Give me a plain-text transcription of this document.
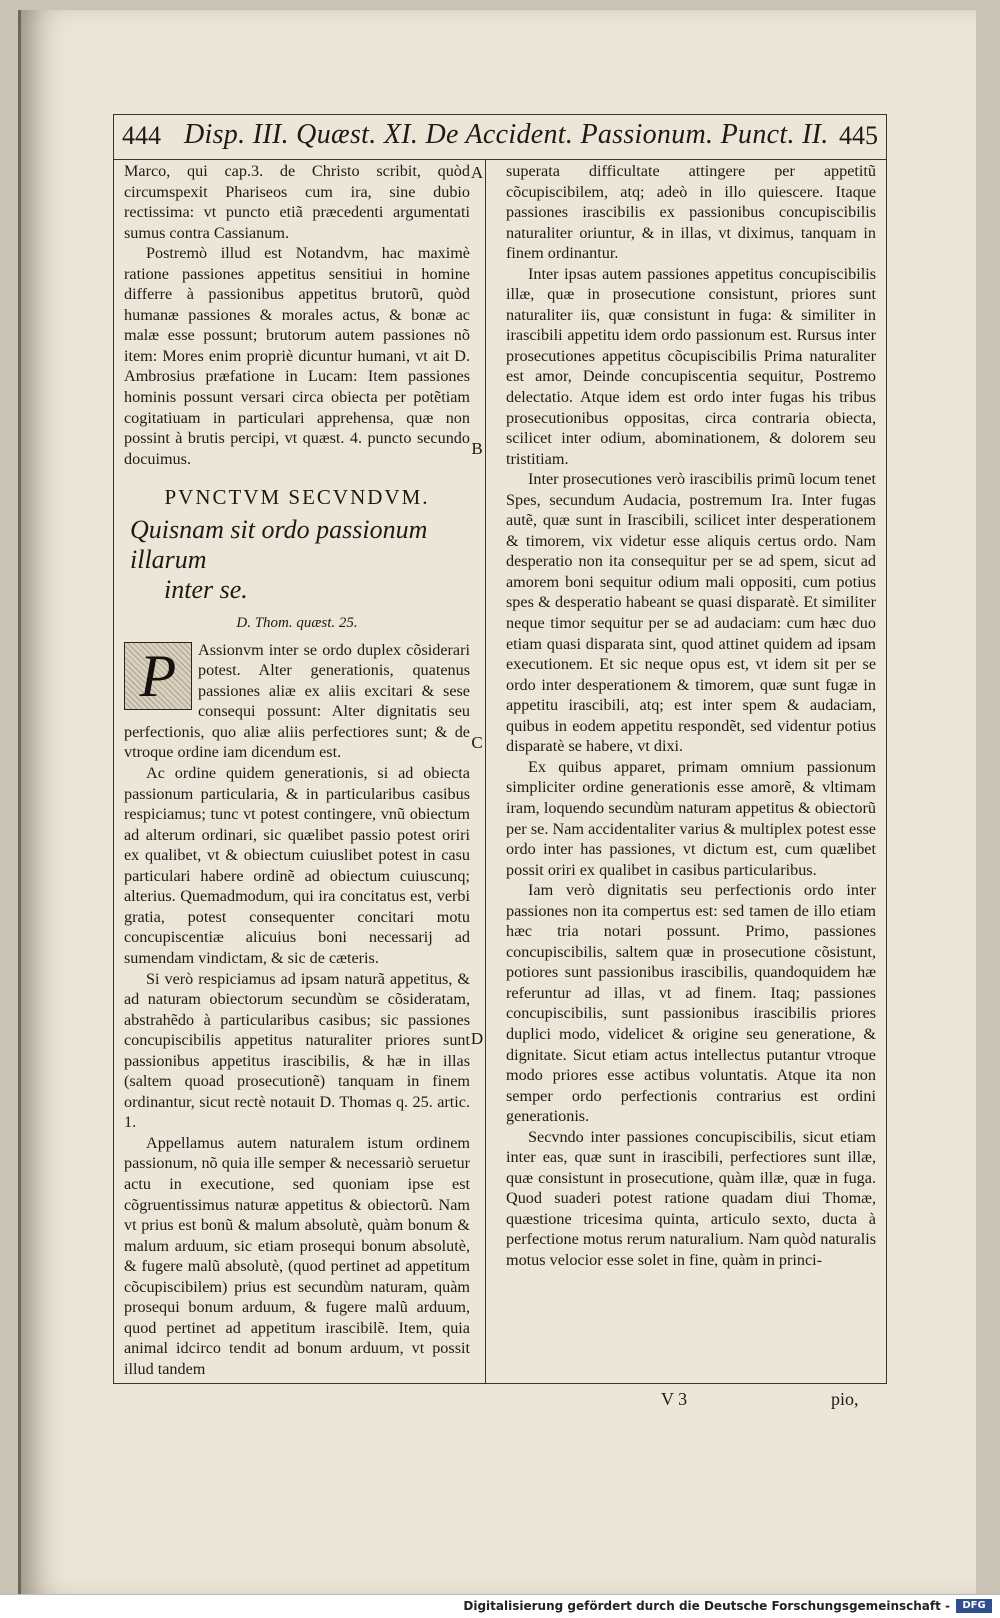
444 Disp. III. Quæst. XI. De Accident. Passionum. Punct. II. 445
A
B
C
D

Marco, qui cap.3. de Christo scribit, quòd circumspexit Phariseos cum ira, sine dubio rectissima: vt puncto etiã præcedenti argumentati sumus contra Cassianum.

Postremò illud est Notandvm, hac maximè ratione passiones appetitus sensitiui in homine differre à passionibus appetitus brutorũ, quòd humanæ passiones & morales actus, & bonæ ac malæ esse possunt; brutorum autem passiones nõ item: Mores enim propriè dicuntur humani, vt ait D. Ambrosius præfatione in Lucam: Item passiones hominis possunt versari circa obiecta per potẽtiam cogitatiuam in particulari apprehensa, quæ non possint à brutis percipi, vt quæst. 4. puncto secundo docuimus.

PVNCTVM SECVNDVM.
Quisnam sit ordo passionum illarum
inter se.
D. Thom. quæst. 25.
P	Assionvm inter se ordo duplex cõsiderari potest. Alter generationis, quatenus passiones aliæ ex aliis excitari & sese consequi possunt: Alter dignitatis seu perfectionis, quo aliæ aliis perfectiores sunt; & de vtroque ordine iam dicendum est.

Ac ordine quidem generationis, si ad obiecta passionum particularia, & in particularibus casibus respiciamus; tunc vt potest contingere, vnũ obiectum ad alterum ordinari, sic quælibet passio potest oriri ex qualibet, vt & obiectum cuiuslibet potest in casu particulari habere ordinẽ ad obiectum cuiuscunq; alterius. Quemadmodum, qui ira concitatus est, verbi gratia, potest consequenter concitari motu concupiscentiæ alicuius boni necessarij ad sumendam vindictam, & sic de cæteris.

Si verò respiciamus ad ipsam naturã appetitus, & ad naturam obiectorum secundùm se cõsideratam, abstrahẽdo à particularibus casibus; sic passiones concupiscibilis appetitus naturaliter priores sunt passionibus appetitus irascibilis, & hæ in illas (saltem quoad prosecutionẽ) tanquam in finem ordinantur, sicut rectè notauit D. Thomas q. 25. artic. 1.

Appellamus autem naturalem istum ordinem passionum, nõ quia ille semper & necessariò seruetur actu in executione, sed quoniam ipse est cõgruentissimus naturæ appetitus & obiectorũ. Nam vt prius est bonũ & malum absolutè, quàm bonum & malum arduum, sic etiam prosequi bonum absolutè, & fugere malũ absolutè, (quod pertinet ad appetitum cõcupiscibilem) prius est secundùm naturam, quàm prosequi bonum arduum, & fugere malũ arduum, quod pertinet ad appetitum irascibilẽ. Item, quia animal idcirco tendit ad bonum arduum, vt possit illud tandem

superata difficultate attingere per appetitũ cõcupiscibilem, atq; adeò in illo quiescere. Itaque passiones irascibilis ex passionibus concupiscibilis naturaliter oriuntur, & in illas, vt diximus, tanquam in finem ordinantur.

Inter ipsas autem passiones appetitus concupiscibilis illæ, quæ in prosecutione consistunt, priores sunt naturaliter iis, quæ consistunt in fuga: & similiter in irascibili appetitu idem ordo passionum est. Rursus inter prosecutiones appetitus cõcupiscibilis Prima naturaliter est amor, Deinde concupiscentia sequitur, Postremo delectatio. Atque idem est ordo inter fugas his tribus prosecutionibus oppositas, circa contraria obiecta, scilicet inter odium, abominationem, & dolorem seu tristitiam.

Inter prosecutiones verò irascibilis primũ locum tenet Spes, secundum Audacia, postremum Ira. Inter fugas autẽ, quæ sunt in Irascibili, scilicet inter desperationem & timorem, vix videtur esse aliquis certus ordo. Nam desperatio non ita consequitur per se ad spem, sicut ad amorem boni sequitur odium mali oppositi, cum potius spes & desperatio habeant se quasi disparatè. Et similiter neque timor sequitur per se ad audaciam: cum hæc duo etiam quasi disparata sint, quod attinet quidem ad ipsam executionem. Et sic neque opus est, vt idem sit per se ordo inter desperationem & timorem, quæ sunt fugæ in appetitu irascibili, atq; est inter spem & audaciam, quibus in eodem appetitu respondẽt, sed videntur potius disparatè se habere, vt dixi.

Ex quibus apparet, primam omnium passionum simpliciter ordine generationis esse amorẽ, & vltimam iram, loquendo secundùm naturam appetitus & obiectorũ per se. Nam accidentaliter varius & multiplex potest esse ordo inter has passiones, vt dictum est, cum quælibet possit oriri ex qualibet in casibus particularibus.

Iam verò dignitatis seu perfectionis ordo inter passiones non ita compertus est: sed tamen de illo etiam hæc tria notari possunt. Primo, passiones concupiscibilis, saltem quæ in prosecutione cõsistunt, potiores sunt passionibus irascibilis, quandoquidem hæ referuntur ad illas, vt ad finem. Itaq; passiones concupiscibilis, sunt passionibus irascibilis priores duplici modo, videlicet & origine seu generatione, & dignitate. Sicut etiam actus intellectus putantur vtroque modo priores esse actibus voluntatis. Atque ita non semper ordo perfectionis contrarius est ordini generationis.

Secvndo inter passiones concupiscibilis, sicut etiam inter eas, quæ sunt in irascibili, perfectiores sunt illæ, quæ consistunt in prosecutione, quàm illæ, quæ in fuga. Quod suaderi potest ratione quadam diui Thomæ, quæstione tricesima quinta, articulo sexto, ducta à perfectione motus rerum naturalium. Nam quòd naturalis motus velocior esse solet in fine, quàm in princi-

V 3	pio,
Digitalisierung gefördert durch die Deutsche Forschungsgemeinschaft -	DFG
